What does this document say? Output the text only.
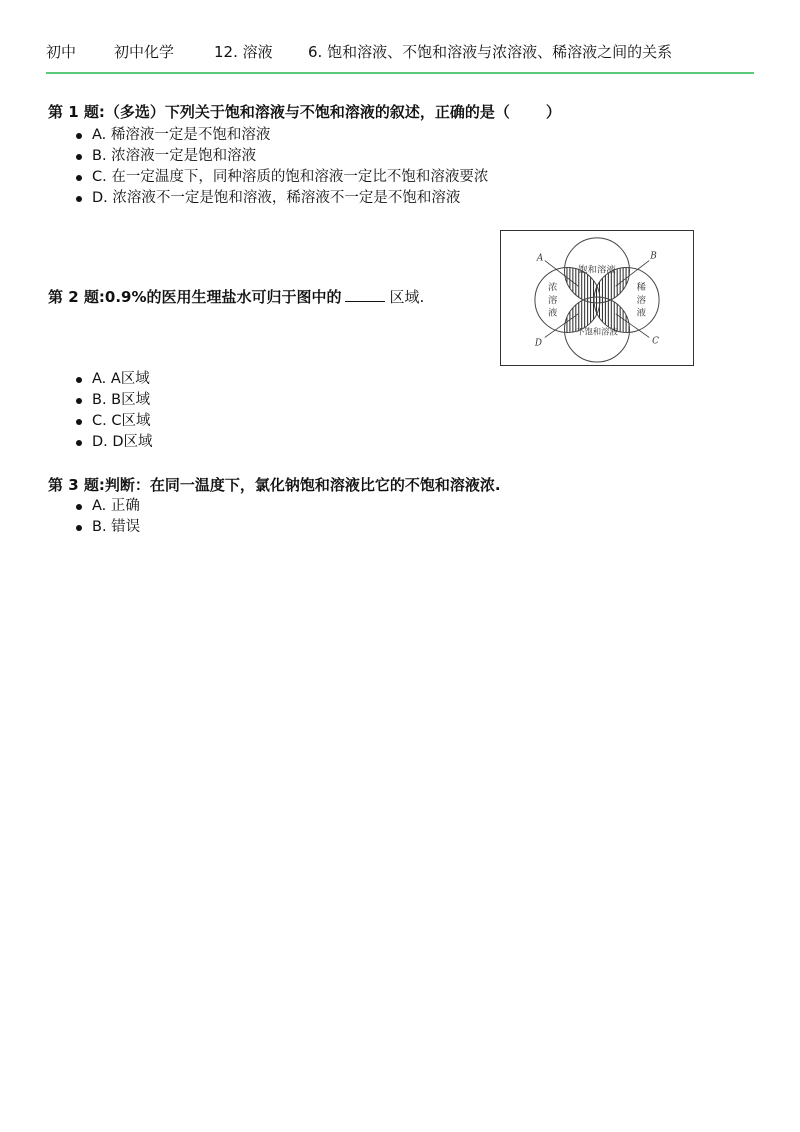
初中	初中化学	12. 溶液 6. 饱和溶液、不饱和溶液与浓溶液、稀溶液之间的关系
第 1 题:（多选）下列关于饱和溶液与不饱和溶液的叙述，正确的是（ ）
A. 稀溶液一定是不饱和溶液
B. 浓溶液一定是饱和溶液
C. 在一定温度下，同种溶质的饱和溶液一定比不饱和溶液要浓
D. 浓溶液不一定是饱和溶液，稀溶液不一定是不饱和溶液
第 2 题:0.9%的医用生理盐水可归于图中的	区域.
A. A区域
B. B区域
C. C区域
D. D区域
A	B
C
D
饱和溶液
不饱和溶液
浓
溶
液
稀
溶
液
第 3 题:判断：在同一温度下，氯化钠饱和溶液比它的不饱和溶液浓.
A. 正确
B. 错误
